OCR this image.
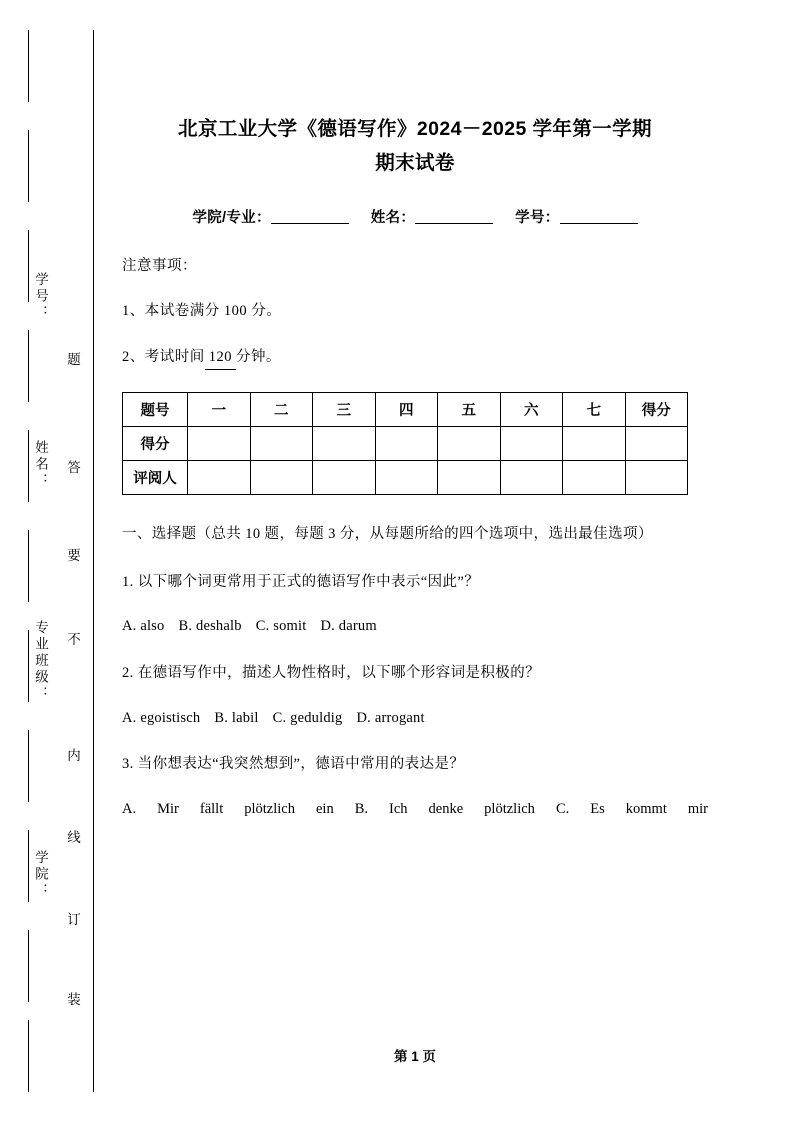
学号：
姓名：
专业班级：
学院：
题
答
要
不
内
线
订
装
北京工业大学《德语写作》2024－2025 学年第一学期
期末试卷
学院/专业：	姓名：	学号：
注意事项：
1、本试卷满分 100 分。
2、考试时间 120 分钟。
题号	一	二	三	四	五	六	七	得分
得分								
评阅人								
一、选择题（总共 10 题，每题 3 分，从每题所给的四个选项中，选出最佳选项）
1. 以下哪个词更常用于正式的德语写作中表示“因此”？
A. also B. deshalb C. somit D. darum
2. 在德语写作中，描述人物性格时，以下哪个形容词是积极的？
A. egoistisch B. labil C. geduldig D. arrogant
3. 当你想表达“我突然想到”，德语中常用的表达是？
A. Mir fällt plötzlich ein B. Ich denke plötzlich C. Es kommt mir
第 1 页
